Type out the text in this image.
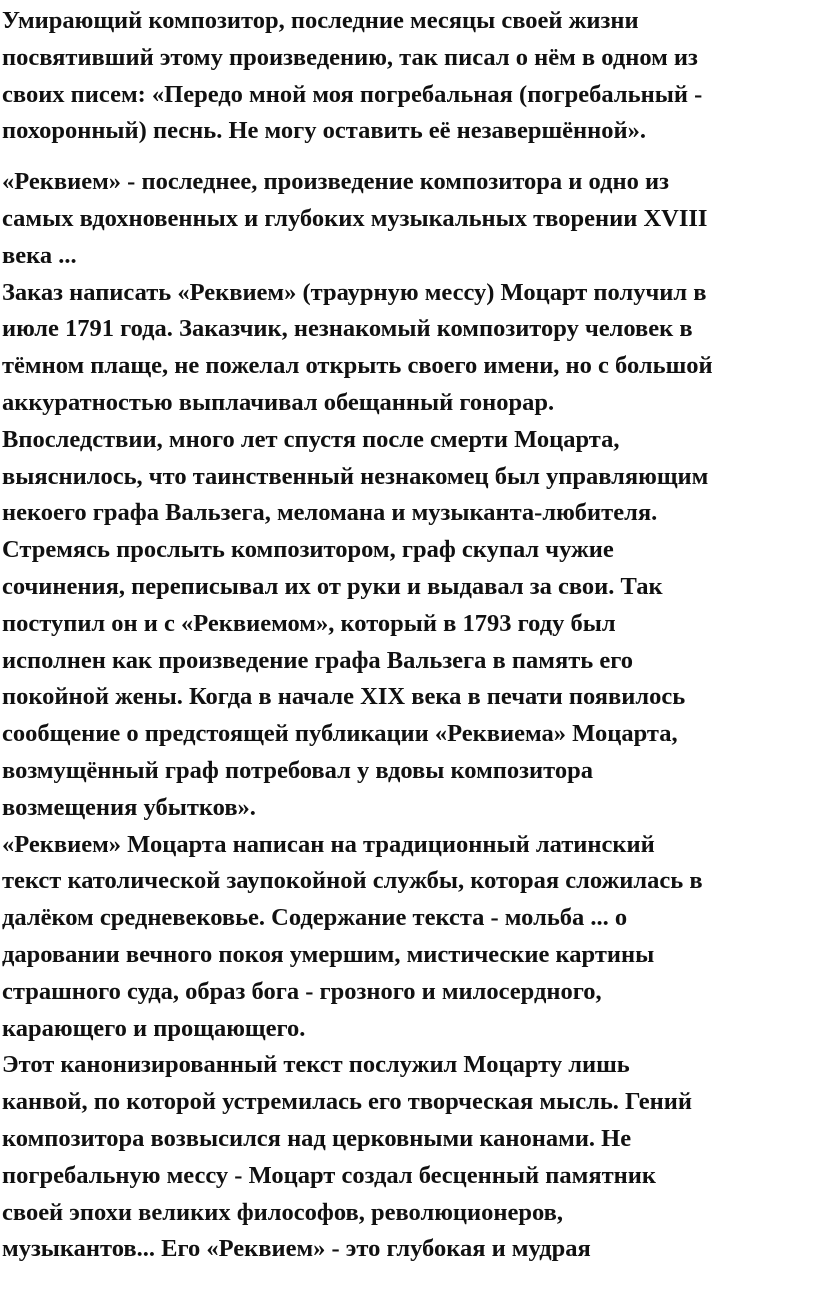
Умирающий композитор, последние месяцы своей жизни
посвятивший этому произведению, так писал о нём в одном из
своих писем: «Передо мной моя погребальная (погребальный -
похоронный) песнь. Не могу оставить её незавершённой».

«Реквием» - последнее, произведение композитора и одно из
самых вдохновенных и глубоких музыкальных творении XVIII
века ...

Заказ написать «Реквием» (траурную мессу) Моцарт получил в
июле 1791 года. Заказчик, незнакомый композитору человек в
тёмном плаще, не пожелал открыть своего имени, но с большой
аккуратностью выплачивал обещанный гонорар.

Впоследствии, много лет спустя после смерти Моцарта,
выяснилось, что таинственный незнакомец был управляющим
некоего графа Вальзега, меломана и музыканта-любителя.
Стремясь прослыть композитором, граф скупал чужие
сочинения, переписывал их от руки и выдавал за свои. Так
поступил он и с «Реквиемом», который в 1793 году был
исполнен как произведение графа Вальзега в память его
покойной жены. Когда в начале XIX века в печати появилось
сообщение о предстоящей публикации «Реквиема» Моцарта,
возмущённый граф потребовал у вдовы композитора
возмещения убытков».

«Реквием» Моцарта написан на традиционный латинский
текст католической заупокойной службы, которая сложилась в
далёком средневековье. Содержание текста - мольба ... о
даровании вечного покоя умершим, мистические картины
страшного суда, образ бога - грозного и милосердного,
карающего и прощающего.

Этот канонизированный текст послужил Моцарту лишь
канвой, по которой устремилась его творческая мысль. Гений
композитора возвысился над церковными канонами. Не
погребальную мессу - Моцарт создал бесценный памятник
своей эпохи великих философов, революционеров,
музыкантов... Его «Реквием» - это глубокая и мудрая
